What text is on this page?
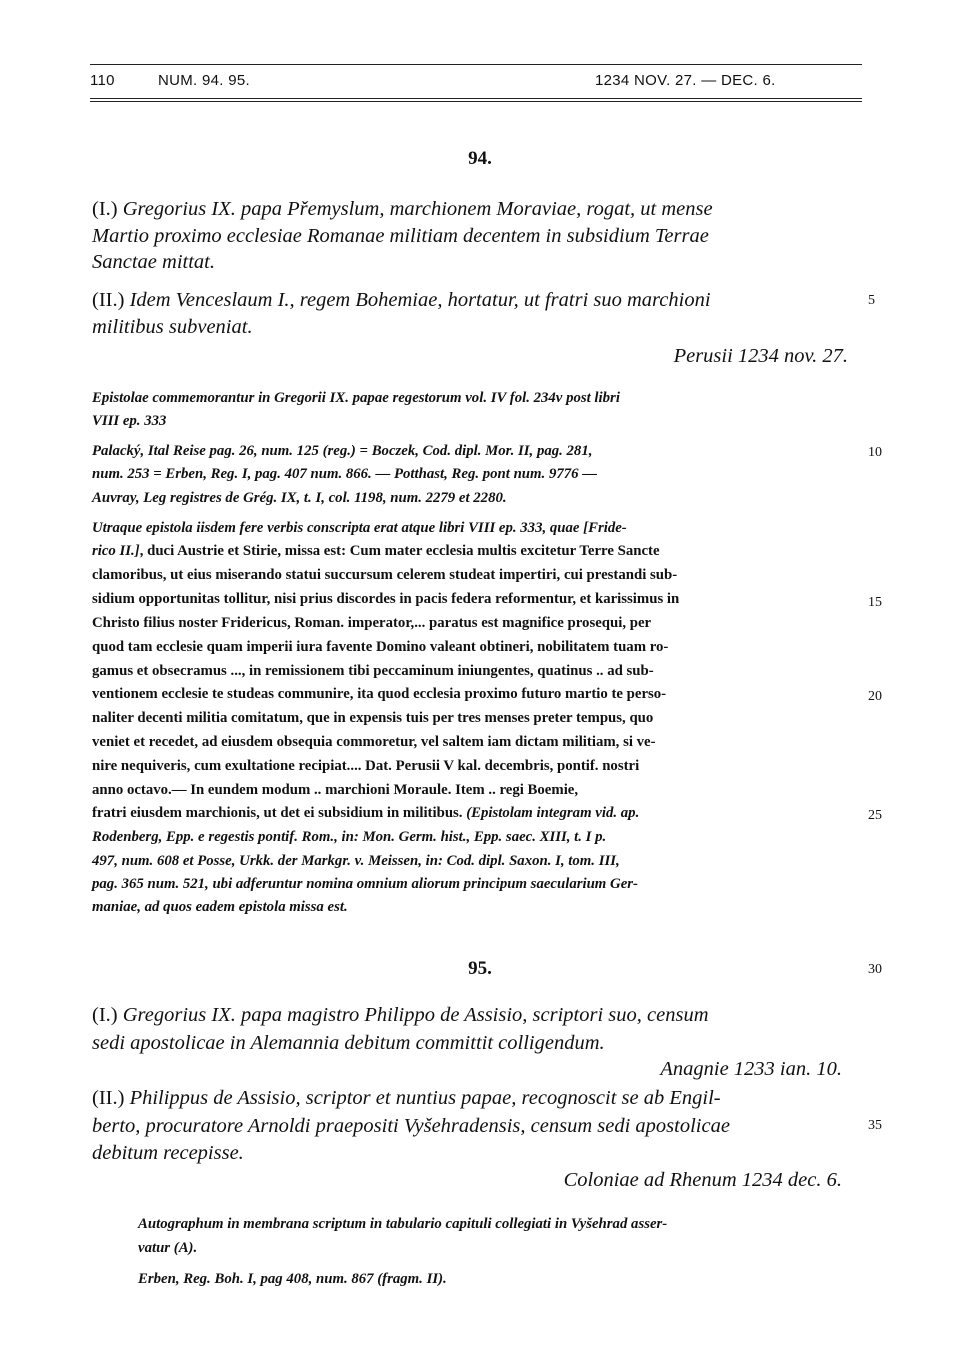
110	NUM. 94. 95.	1234 NOV. 27. — DEC. 6.
94.
(I.) Gregorius IX. papa Přemyslum, marchionem Moraviae, rogat, ut mense
Martio proximo ecclesiae Romanae militiam decentem in subsidium Terrae
Sanctae mittat.
(II.) Idem Venceslaum I., regem Bohemiae, hortatur, ut fratri suo marchioni
militibus subveniat.
Perusii 1234 nov. 27.
Epistolae commemorantur in Gregorii IX. papae regestorum vol. IV fol. 234v post libri
VIII ep. 333
Palacký, Ital Reise pag. 26, num. 125 (reg.) = Boczek, Cod. dipl. Mor. II, pag. 281,
num. 253 = Erben, Reg. I, pag. 407 num. 866. — Potthast, Reg. pont num. 9776 —
Auvray, Leg registres de Grég. IX, t. I, col. 1198, num. 2279 et 2280.
Utraque epistola iisdem fere verbis conscripta erat atque libri VIII ep. 333, quae [Fride-
rico II.], duci Austrie et Stirie, missa est: Cum mater ecclesia multis excitetur Terre Sancte
clamoribus, ut eius miserando statui succursum celerem studeat impertiri, cui prestandi sub-
sidium opportunitas tollitur, nisi prius discordes in pacis federa reformentur, et karissimus in
Christo filius noster Fridericus, Roman. imperator,... paratus est magnifice prosequi, per
quod tam ecclesie quam imperii iura favente Domino valeant obtineri, nobilitatem tuam ro-
gamus et obsecramus ..., in remissionem tibi peccaminum iniungentes, quatinus .. ad sub-
ventionem ecclesie te studeas communire, ita quod ecclesia proximo futuro martio te perso-
naliter decenti militia comitatum, que in expensis tuis per tres menses preter tempus, quo
veniet et recedet, ad eiusdem obsequia commoretur, vel saltem iam dictam militiam, si ve-
nire nequiveris, cum exultatione recipiat.... Dat. Perusii V kal. decembris, pontif. nostri
anno octavo.— In eundem modum .. marchioni Moraule. Item .. regi Boemie,
fratri eiusdem marchionis, ut det ei subsidium in militibus. (Epistolam integram vid. ap.
Rodenberg, Epp. e regestis pontif. Rom., in: Mon. Germ. hist., Epp. saec. XIII, t. I p.
497, num. 608 et Posse, Urkk. der Markgr. v. Meissen, in: Cod. dipl. Saxon. I, tom. III,
pag. 365 num. 521, ubi adferuntur nomina omnium aliorum principum saecularium Ger-
maniae, ad quos eadem epistola missa est.
95.
(I.) Gregorius IX. papa magistro Philippo de Assisio, scriptori suo, censum
sedi apostolicae in Alemannia debitum committit colligendum.
Anagnie 1233 ian. 10.
(II.) Philippus de Assisio, scriptor et nuntius papae, recognoscit se ab Engil-
berto, procuratore Arnoldi praepositi Vyšehradensis, censum sedi apostolicae
debitum recepisse.
Coloniae ad Rhenum 1234 dec. 6.
Autographum in membrana scriptum in tabulario capituli collegiati in Vyšehrad asser-
vatur (A).
Erben, Reg. Boh. I, pag 408, num. 867 (fragm. II).
5
10
15
20
25
30
35
